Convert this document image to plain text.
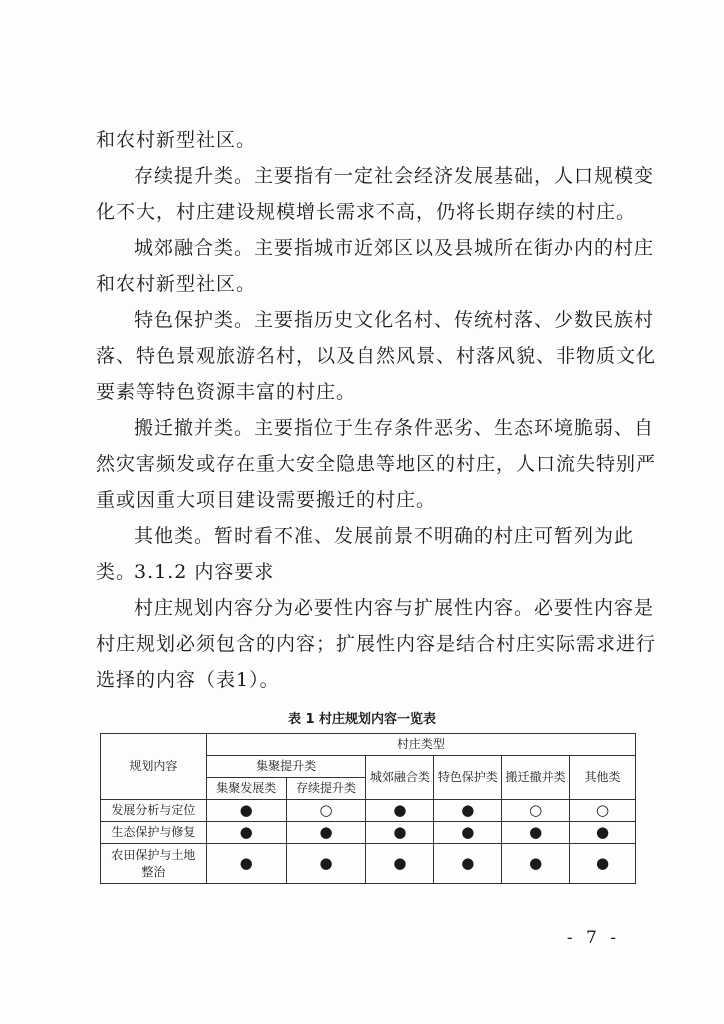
和农村新型社区。

存续提升类。主要指有一定社会经济发展基础，人口规模变化不大，村庄建设规模增长需求不高，仍将长期存续的村庄。

城郊融合类。主要指城市近郊区以及县城所在街办内的村庄和农村新型社区。

特色保护类。主要指历史文化名村、传统村落、少数民族村落、特色景观旅游名村，以及自然风景、村落风貌、非物质文化要素等特色资源丰富的村庄。

搬迁撤并类。主要指位于生存条件恶劣、生态环境脆弱、自然灾害频发或存在重大安全隐患等地区的村庄，人口流失特别严重或因重大项目建设需要搬迁的村庄。

其他类。暂时看不准、发展前景不明确的村庄可暂列为此类。

3.1.2 内容要求

村庄规划内容分为必要性内容与扩展性内容。必要性内容是村庄规划必须包含的内容；扩展性内容是结合村庄实际需求进行选择的内容（表1）。

表 1 村庄规划内容一览表
规划内容	村庄类型					
	集聚提升类		城郊融合类	特色保护类	搬迁撤并类	其他类
	集聚发展类	存续提升类				
发展分析与定位	●	○	●	●	○	○
生态保护与修复	●	●	●	●	●	●
农田保护与土地整治	●	●	●	●	●	●
- 7 -
